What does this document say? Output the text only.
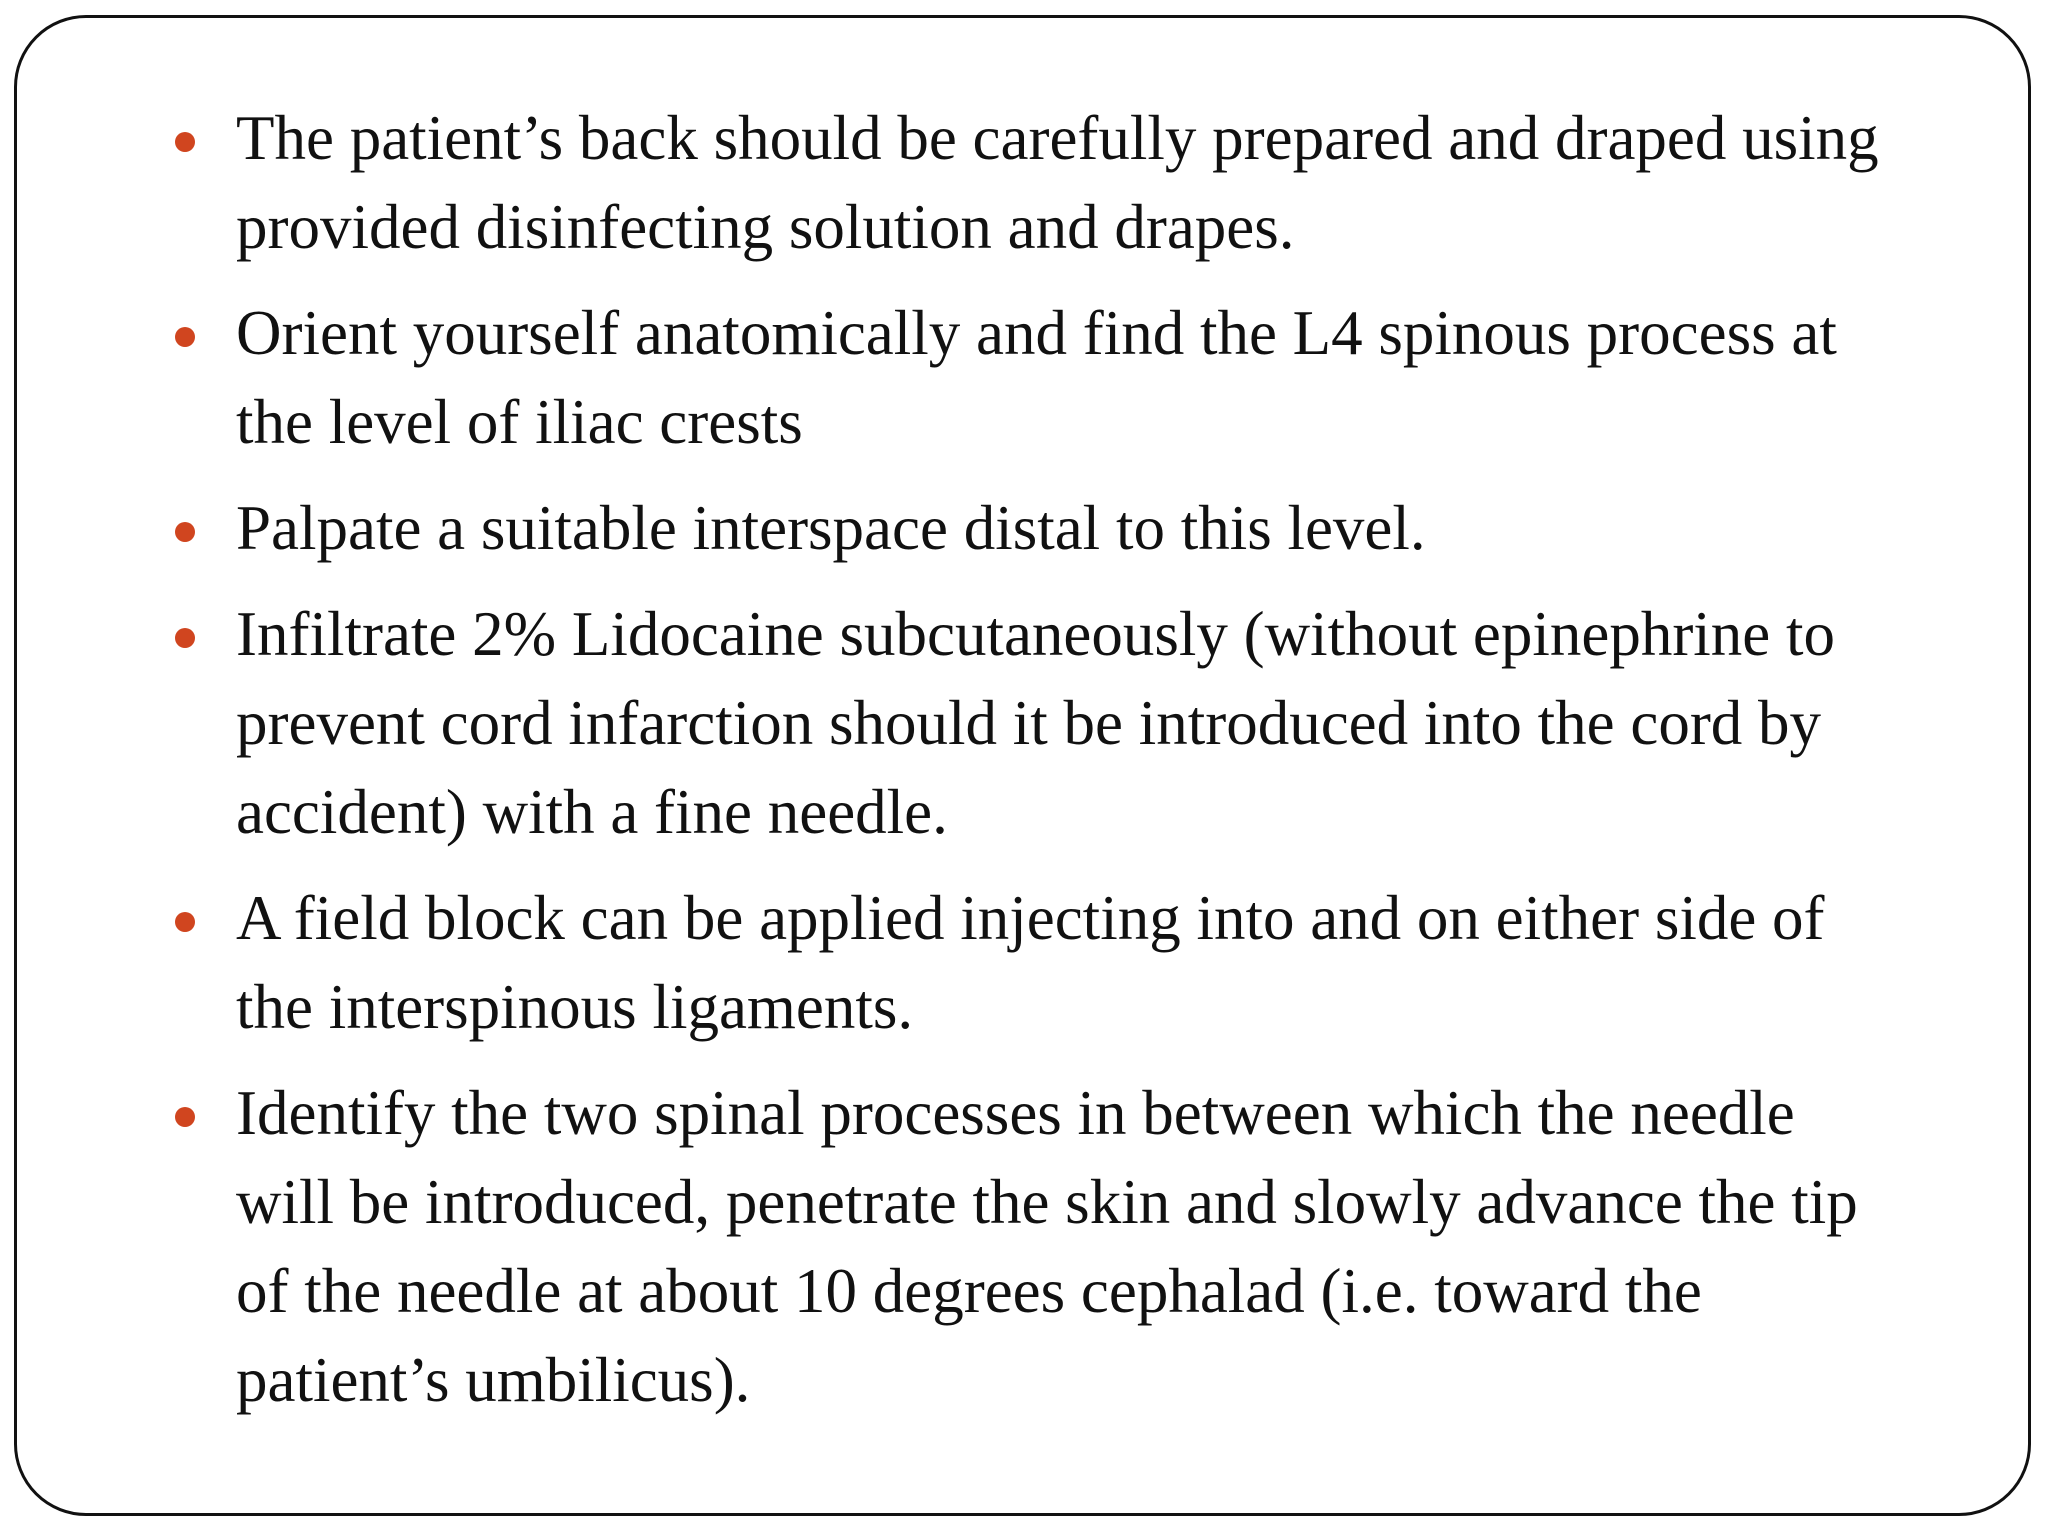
The patient’s back should be carefully prepared and draped using provided disinfecting solution and drapes.
Orient yourself anatomically and find the L4 spinous process at the level of iliac crests
Palpate a suitable interspace distal to this level.
Infiltrate 2% Lidocaine subcutaneously (without epinephrine to prevent cord infarction should it be introduced into the cord by accident) with a fine needle.
A field block can be applied injecting into and on either side of the interspinous ligaments.
Identify the two spinal processes in between which the needle will be introduced, penetrate the skin and slowly advance the tip of the needle at about 10 degrees cephalad (i.e. toward the patient’s umbilicus).
